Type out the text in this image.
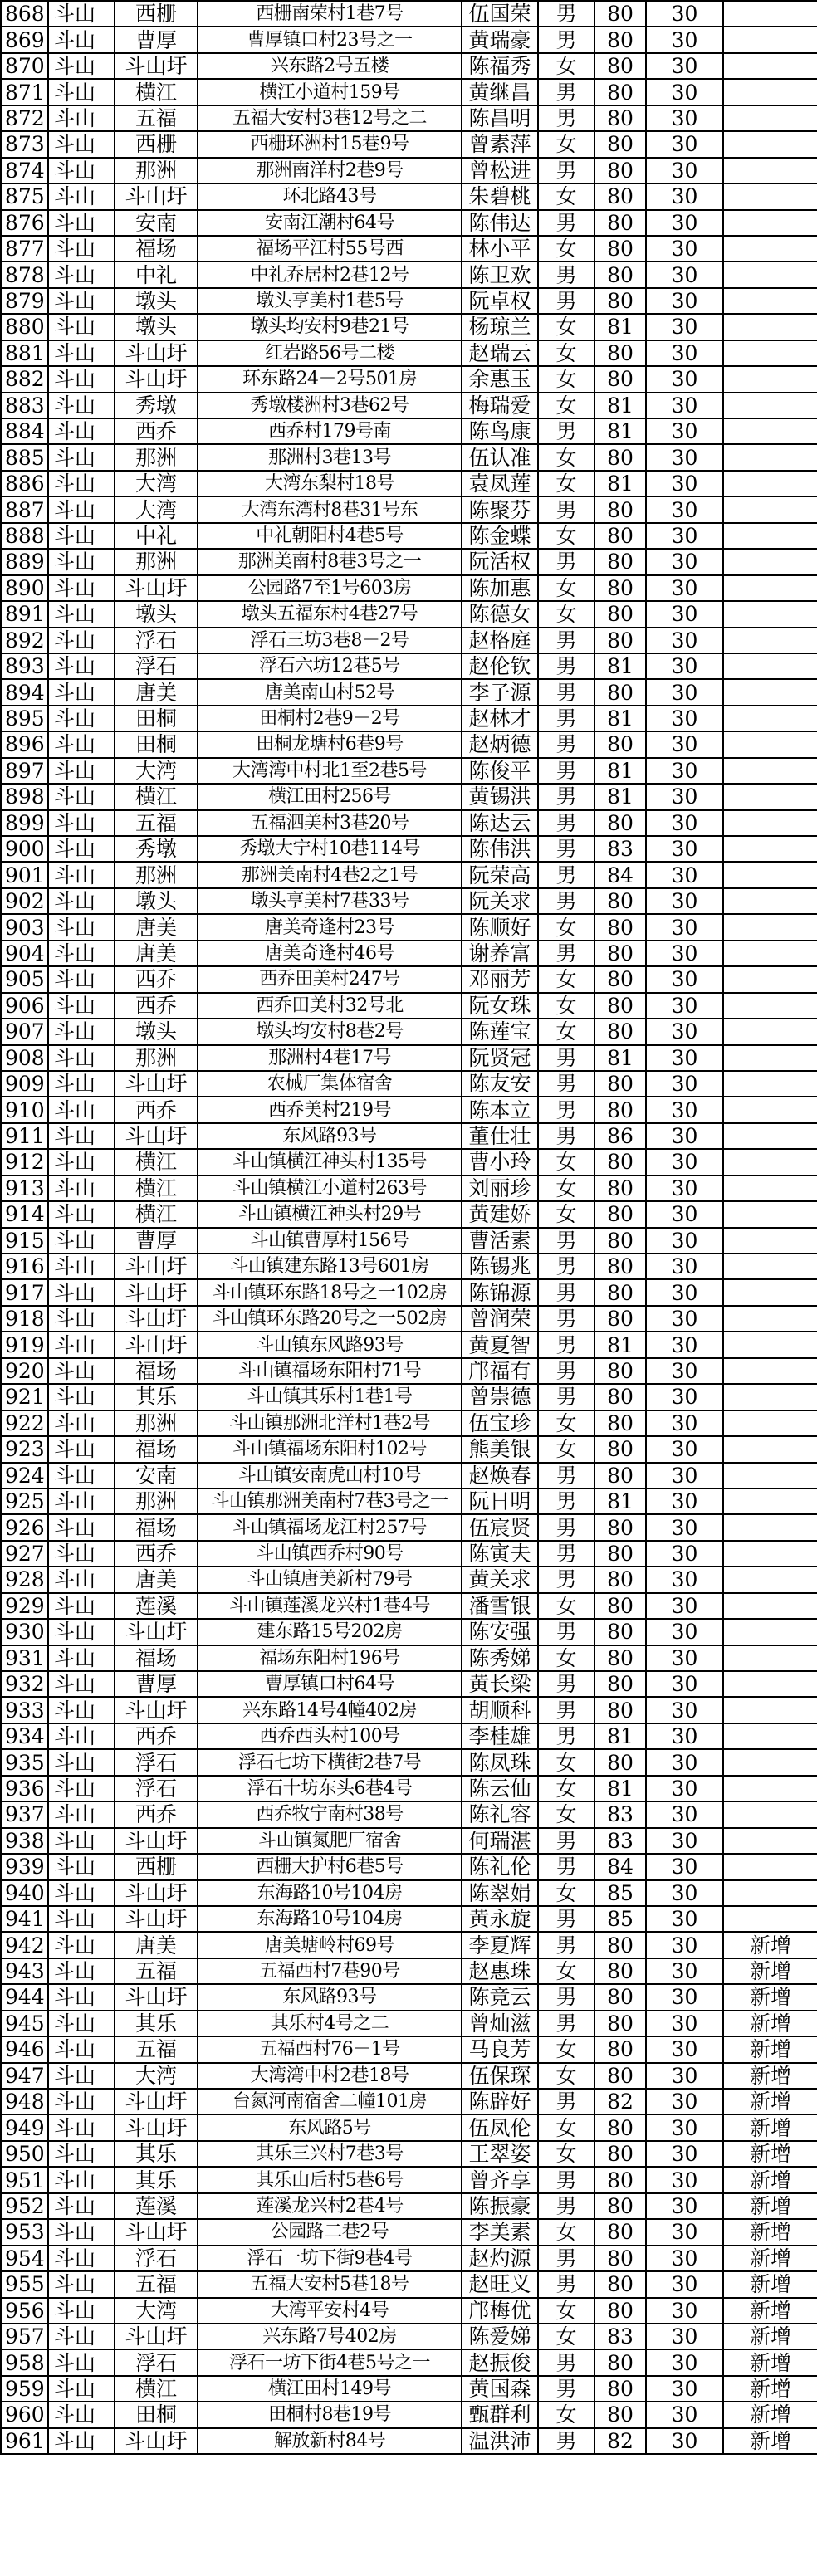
868	斗山	西栅	西栅南荣村1巷7号	伍国荣	男	80	30	
869	斗山	曹厚	曹厚镇口村23号之一	黄瑞豪	男	80	30	
870	斗山	斗山圩	兴东路2号五楼	陈福秀	女	80	30	
871	斗山	横江	横江小道村159号	黄继昌	男	80	30	
872	斗山	五福	五福大安村3巷12号之二	陈昌明	男	80	30	
873	斗山	西栅	西栅环洲村15巷9号	曾素萍	女	80	30	
874	斗山	那洲	那洲南洋村2巷9号	曾松进	男	80	30	
875	斗山	斗山圩	环北路43号	朱碧桃	女	80	30	
876	斗山	安南	安南江潮村64号	陈伟达	男	80	30	
877	斗山	福场	福场平江村55号西	林小平	女	80	30	
878	斗山	中礼	中礼乔居村2巷12号	陈卫欢	男	80	30	
879	斗山	墩头	墩头亨美村1巷5号	阮卓权	男	80	30	
880	斗山	墩头	墩头均安村9巷21号	杨琼兰	女	81	30	
881	斗山	斗山圩	红岩路56号二楼	赵瑞云	女	80	30	
882	斗山	斗山圩	环东路24－2号501房	余惠玉	女	80	30	
883	斗山	秀墩	秀墩楼洲村3巷62号	梅瑞爱	女	81	30	
884	斗山	西乔	西乔村179号南	陈鸟康	男	81	30	
885	斗山	那洲	那洲村3巷13号	伍认准	女	80	30	
886	斗山	大湾	大湾东梨村18号	袁凤莲	女	81	30	
887	斗山	大湾	大湾东湾村8巷31号东	陈聚芬	男	80	30	
888	斗山	中礼	中礼朝阳村4巷5号	陈金蝶	女	80	30	
889	斗山	那洲	那洲美南村8巷3号之一	阮活权	男	80	30	
890	斗山	斗山圩	公园路7至1号603房	陈加惠	女	80	30	
891	斗山	墩头	墩头五福东村4巷27号	陈德女	女	80	30	
892	斗山	浮石	浮石三坊3巷8－2号	赵格庭	男	80	30	
893	斗山	浮石	浮石六坊12巷5号	赵伦钦	男	81	30	
894	斗山	唐美	唐美南山村52号	李子源	男	80	30	
895	斗山	田桐	田桐村2巷9－2号	赵林才	男	81	30	
896	斗山	田桐	田桐龙塘村6巷9号	赵炳德	男	80	30	
897	斗山	大湾	大湾湾中村北1至2巷5号	陈俊平	男	81	30	
898	斗山	横江	横江田村256号	黄锡洪	男	81	30	
899	斗山	五福	五福泗美村3巷20号	陈达云	男	80	30	
900	斗山	秀墩	秀墩大宁村10巷114号	陈伟洪	男	83	30	
901	斗山	那洲	那洲美南村4巷2之1号	阮荣高	男	84	30	
902	斗山	墩头	墩头亨美村7巷33号	阮关求	男	80	30	
903	斗山	唐美	唐美奇逢村23号	陈顺好	女	80	30	
904	斗山	唐美	唐美奇逢村46号	谢养富	男	80	30	
905	斗山	西乔	西乔田美村247号	邓丽芳	女	80	30	
906	斗山	西乔	西乔田美村32号北	阮女珠	女	80	30	
907	斗山	墩头	墩头均安村8巷2号	陈莲宝	女	80	30	
908	斗山	那洲	那洲村4巷17号	阮贤冠	男	81	30	
909	斗山	斗山圩	农械厂集体宿舍	陈友安	男	80	30	
910	斗山	西乔	西乔美村219号	陈本立	男	80	30	
911	斗山	斗山圩	东风路93号	董仕壮	男	86	30	
912	斗山	横江	斗山镇横江神头村135号	曹小玲	女	80	30	
913	斗山	横江	斗山镇横江小道村263号	刘丽珍	女	80	30	
914	斗山	横江	斗山镇横江神头村29号	黄建娇	女	80	30	
915	斗山	曹厚	斗山镇曹厚村156号	曹活素	男	80	30	
916	斗山	斗山圩	斗山镇建东路13号601房	陈锡兆	男	80	30	
917	斗山	斗山圩	斗山镇环东路18号之一102房	陈锦源	男	80	30	
918	斗山	斗山圩	斗山镇环东路20号之一502房	曾润荣	男	80	30	
919	斗山	斗山圩	斗山镇东风路93号	黄夏智	男	81	30	
920	斗山	福场	斗山镇福场东阳村71号	邝福有	男	80	30	
921	斗山	其乐	斗山镇其乐村1巷1号	曾崇德	男	80	30	
922	斗山	那洲	斗山镇那洲北洋村1巷2号	伍宝珍	女	80	30	
923	斗山	福场	斗山镇福场东阳村102号	熊美银	女	80	30	
924	斗山	安南	斗山镇安南虎山村10号	赵焕春	男	80	30	
925	斗山	那洲	斗山镇那洲美南村7巷3号之一	阮日明	男	81	30	
926	斗山	福场	斗山镇福场龙江村257号	伍宸贤	男	80	30	
927	斗山	西乔	斗山镇西乔村90号	陈寅夫	男	80	30	
928	斗山	唐美	斗山镇唐美新村79号	黄关求	男	80	30	
929	斗山	莲溪	斗山镇莲溪龙兴村1巷4号	潘雪银	女	80	30	
930	斗山	斗山圩	建东路15号202房	陈安强	男	80	30	
931	斗山	福场	福场东阳村196号	陈秀娣	女	80	30	
932	斗山	曹厚	曹厚镇口村64号	黄长梁	男	80	30	
933	斗山	斗山圩	兴东路14号4幢402房	胡顺科	男	80	30	
934	斗山	西乔	西乔西头村100号	李桂雄	男	81	30	
935	斗山	浮石	浮石七坊下横街2巷7号	陈凤珠	女	80	30	
936	斗山	浮石	浮石十坊东头6巷4号	陈云仙	女	81	30	
937	斗山	西乔	西乔牧宁南村38号	陈礼容	女	83	30	
938	斗山	斗山圩	斗山镇氮肥厂宿舍	何瑞湛	男	83	30	
939	斗山	西栅	西栅大护村6巷5号	陈礼伦	男	84	30	
940	斗山	斗山圩	东海路10号104房	陈翠娟	女	85	30	
941	斗山	斗山圩	东海路10号104房	黄永旋	男	85	30	
942	斗山	唐美	唐美塘岭村69号	李夏辉	男	80	30	新增
943	斗山	五福	五福西村7巷90号	赵惠珠	女	80	30	新增
944	斗山	斗山圩	东风路93号	陈竞云	男	80	30	新增
945	斗山	其乐	其乐村4号之二	曾灿滋	男	80	30	新增
946	斗山	五福	五福西村76－1号	马良芳	女	80	30	新增
947	斗山	大湾	大湾湾中村2巷18号	伍保琛	女	80	30	新增
948	斗山	斗山圩	台氮河南宿舍二幢101房	陈辟好	男	82	30	新增
949	斗山	斗山圩	东风路5号	伍凤伦	女	80	30	新增
950	斗山	其乐	其乐三兴村7巷3号	王翠姿	女	80	30	新增
951	斗山	其乐	其乐山后村5巷6号	曾齐享	男	80	30	新增
952	斗山	莲溪	莲溪龙兴村2巷4号	陈振豪	男	80	30	新增
953	斗山	斗山圩	公园路二巷2号	李美素	女	80	30	新增
954	斗山	浮石	浮石一坊下街9巷4号	赵灼源	男	80	30	新增
955	斗山	五福	五福大安村5巷18号	赵旺义	男	80	30	新增
956	斗山	大湾	大湾平安村4号	邝梅优	女	80	30	新增
957	斗山	斗山圩	兴东路7号402房	陈爱娣	女	83	30	新增
958	斗山	浮石	浮石一坊下街4巷5号之一	赵振俊	男	80	30	新增
959	斗山	横江	横江田村149号	黄国森	男	80	30	新增
960	斗山	田桐	田桐村8巷19号	甄群利	女	80	30	新增
961	斗山	斗山圩	解放新村84号	温洪沛	男	82	30	新增
